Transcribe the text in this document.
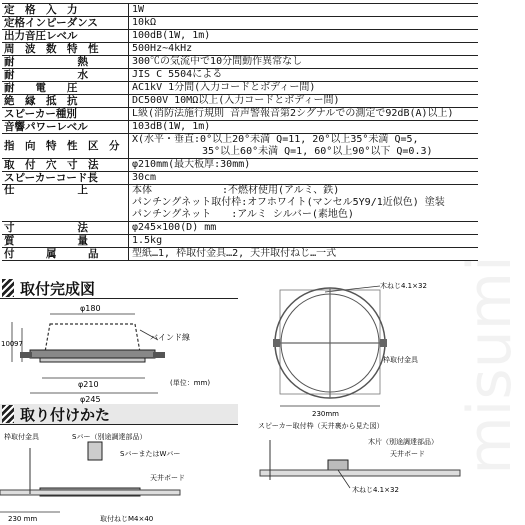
定　格　入　力	1W
定格インピーダンス	10kΩ
出力音圧レベル	100dB(1W, 1m)
周　波　数　特　性	500Hz~4kHz
耐　　　　　　熱	300℃の気流中で10分間動作異常なし
耐　　　　　　水	JIS C 5504による
耐　　電　　圧	AC1kV 1分間(入力コードとボディー間)
絶　縁　抵　抗	DC500V 10MΩ以上(入力コードとボディー間)
スピーカー種別	L級(消防法施行規則 音声警報音第2シグナルでの測定で92dB(A)以上)
音響パワーレベル	103dB(1W, 1m)
指　向　特　性　区　分	X(水平・垂直:0°以上20°未満 Q=11, 20°以上35°未満 Q=5,
　　　　　　　35°以上60°未満 Q=1, 60°以上90°以下 Q=0.3)
取　付　穴　寸　法	φ210mm(最大板厚:30mm)
スピーカーコード長	30cm
仕　　　　　　上	本体　　　　　　　:不燃材使用(アルミ、鉄)
パンチングネット取付枠:オフホワイト(マンセル5Y9/1近似色) 塗装
パンチングネット　　:アルミ シルバー(素地色)
寸　　　　　　法	φ245×100(D) mm
質　　　　　　量	1.5kg
付　　　属　　　品	型紙…1, 枠取付金具…2, 天井取付ねじ…一式
取付完成図
φ180
100 97
バインド線
φ210
φ245
(単位：mm)
木ねじ4.1×32
枠取付金具
230mm
スピーカー取付枠（天井裏から見た図）
取り付けかた
枠取付金具	Sバー（別途調達部品）
SバーまたはWバー
天井ボード
230 mm	取付ねじM4×40
木片（別途調達部品）
天井ボード
木ねじ4.1×32
misumi
